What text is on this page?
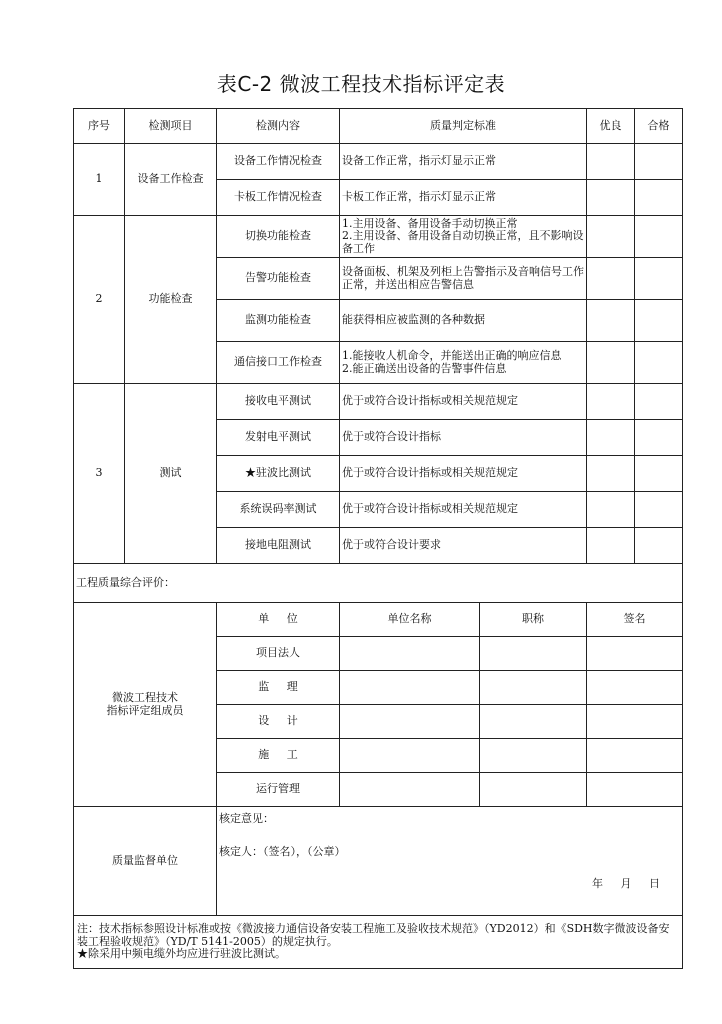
表C-2 微波工程技术指标评定表
序号	检测项目	检测内容	质量判定标准		优良	合格
1	设备工作检查	设备工作情况检查	设备工作正常，指示灯显示正常			
		卡板工作情况检查	卡板工作正常，指示灯显示正常			
2	功能检查	切换功能检查	1.主用设备、备用设备手动切换正常
2.主用设备、备用设备自动切换正常，且不影响设备工作			

		告警功能检查	设备面板、机架及列柜上告警指示及音响信号工作正常，并送出相应告警信息			
		监测功能检查	能获得相应被监测的各种数据			
		通信接口工作检查	1.能接收人机命令，并能送出正确的响应信息
2.能正确送出设备的告警事件信息			

3	测试	接收电平测试	优于或符合设计指标或相关规范规定			
		发射电平测试	优于或符合设计指标			
		★驻波比测试	优于或符合设计指标或相关规范规定			
		系统误码率测试	优于或符合设计指标或相关规范规定			
		接地电阻测试	优于或符合设计要求			
工程质量综合评价：						

微波工程技术
指标评定组成员		单 位	单位名称	职称	签名	
		项目法人				
		监 理				
		设 计				
		施 工				
		运行管理				
质量监督单位		核定意见：
核定人：（签名），（公章）
年 月 日				

注：技术指标参照设计标准或按《微波接力通信设备安装工程施工及验收技术规范》（YD2012）和《SDH数字微波设备安装工程验收规范》（YD/T 5141-2005）的规定执行。
★除采用中频电缆外均应进行驻波比测试。						
